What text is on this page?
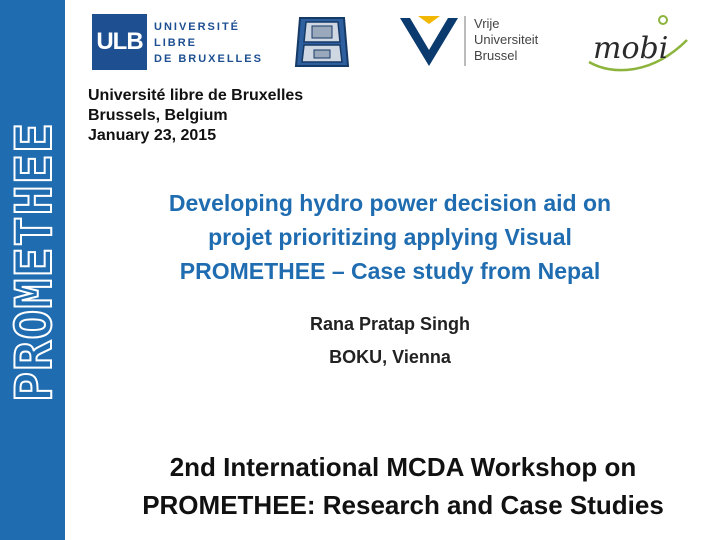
PROMETHEE
ULB
UNIVERSITÉ
LIBRE
DE BRUXELLES
Vrije
Universiteit
Brussel	mobi
Université libre de Bruxelles
Brussels, Belgium
January 23, 2015
Developing hydro power decision aid on
projet prioritizing applying Visual
PROMETHEE – Case study from Nepal
Rana Pratap Singh
BOKU, Vienna
2nd International MCDA Workshop on
PROMETHEE: Research and Case Studies
